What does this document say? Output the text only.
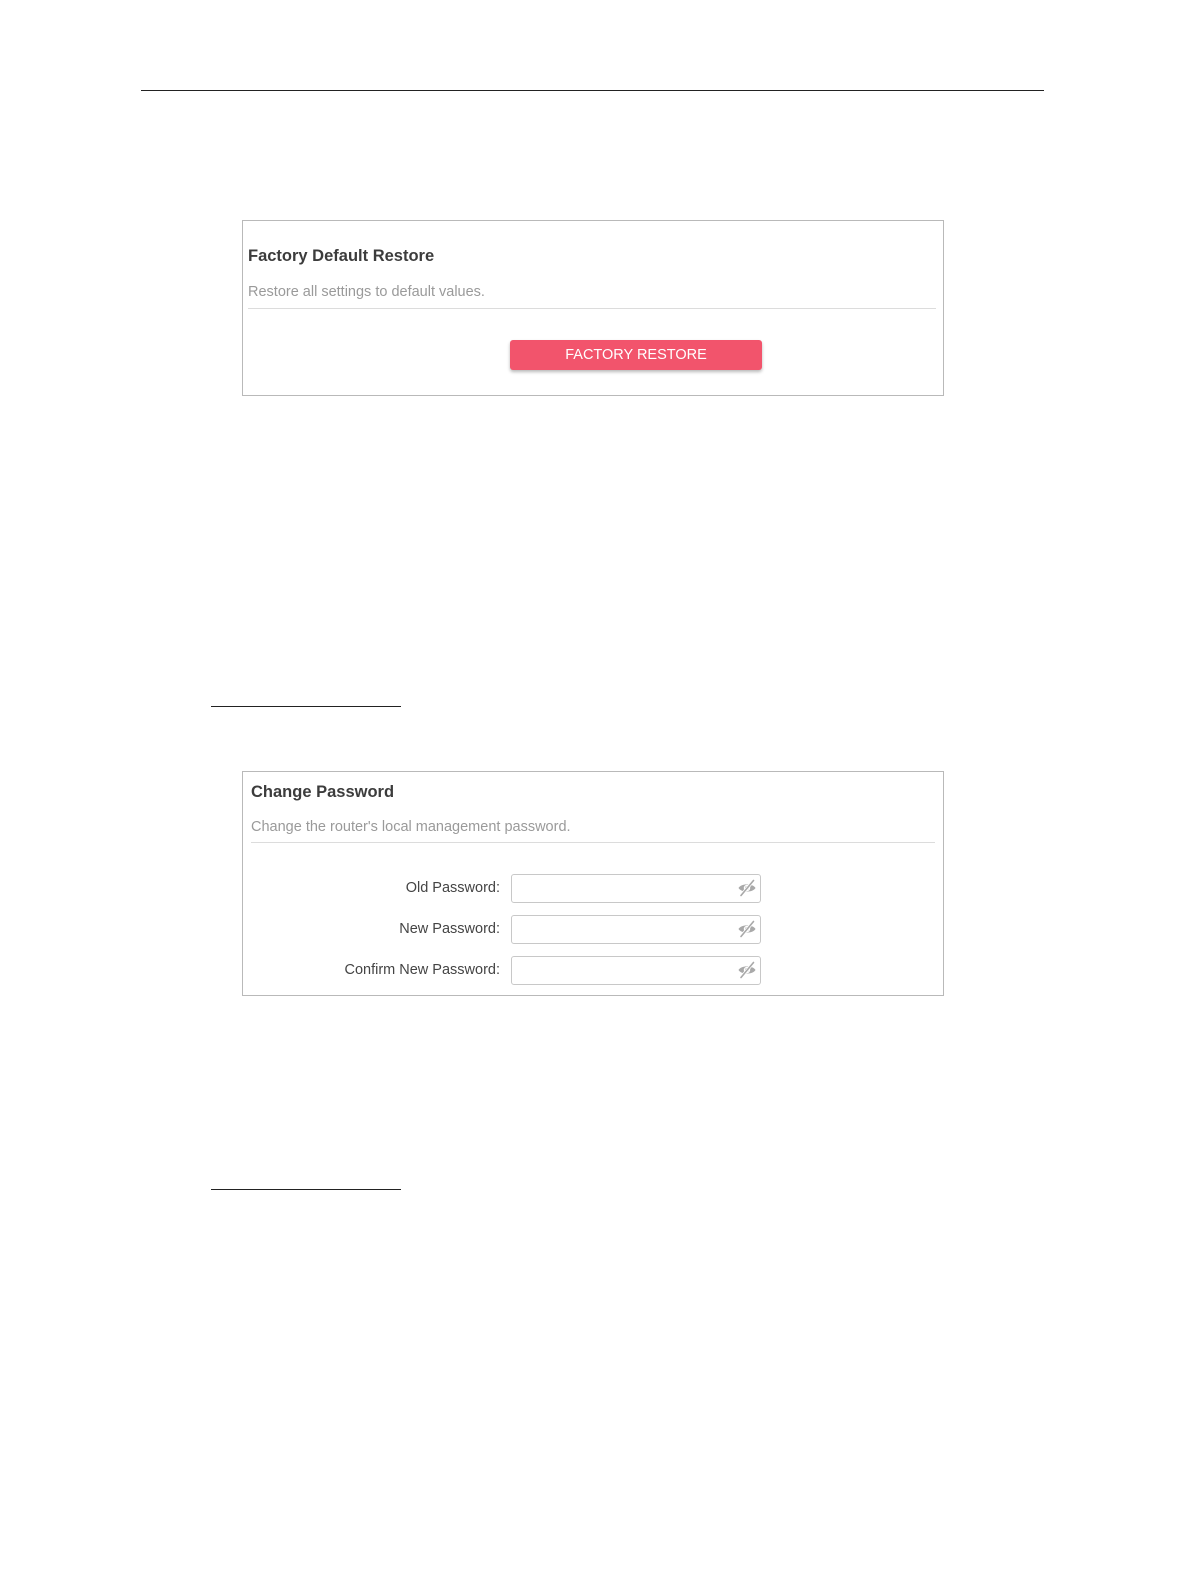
Factory Default Restore
Restore all settings to default values.
FACTORY RESTORE
Change Password
Change the router's local management password.
Old Password:
New Password:
Confirm New Password:
